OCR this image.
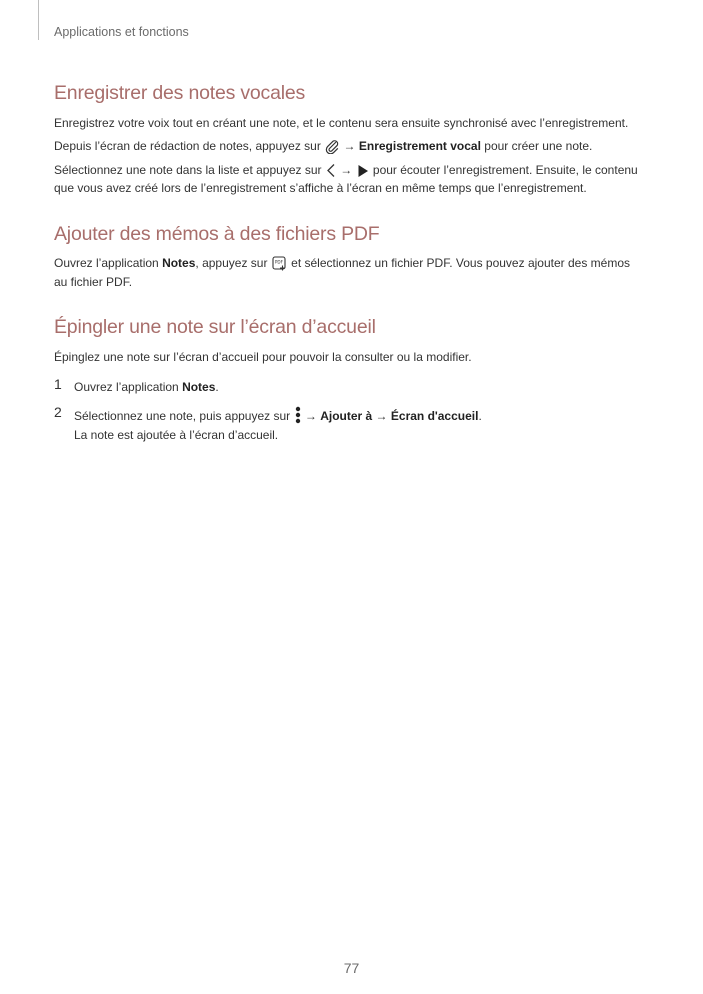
Applications et fonctions
Enregistrer des notes vocales
Enregistrez votre voix tout en créant une note, et le contenu sera ensuite synchronisé avec l’enregistrement.
Depuis l’écran de rédaction de notes, appuyez sur → Enregistrement vocal pour créer une note.
Sélectionnez une note dans la liste et appuyez sur → pour écouter l’enregistrement. Ensuite, le contenu
que vous avez créé lors de l’enregistrement s’affiche à l’écran en même temps que l’enregistrement.
Ajouter des mémos à des fichiers PDF
Ouvrez l’application Notes, appuyez sur PDF et sélectionnez un fichier PDF. Vous pouvez ajouter des mémos
au fichier PDF.
Épingler une note sur l’écran d’accueil
Épinglez une note sur l’écran d’accueil pour pouvoir la consulter ou la modifier.
1 Ouvrez l’application Notes.
2 Sélectionnez une note, puis appuyez sur → Ajouter à → Écran d'accueil.
La note est ajoutée à l’écran d’accueil.
77
